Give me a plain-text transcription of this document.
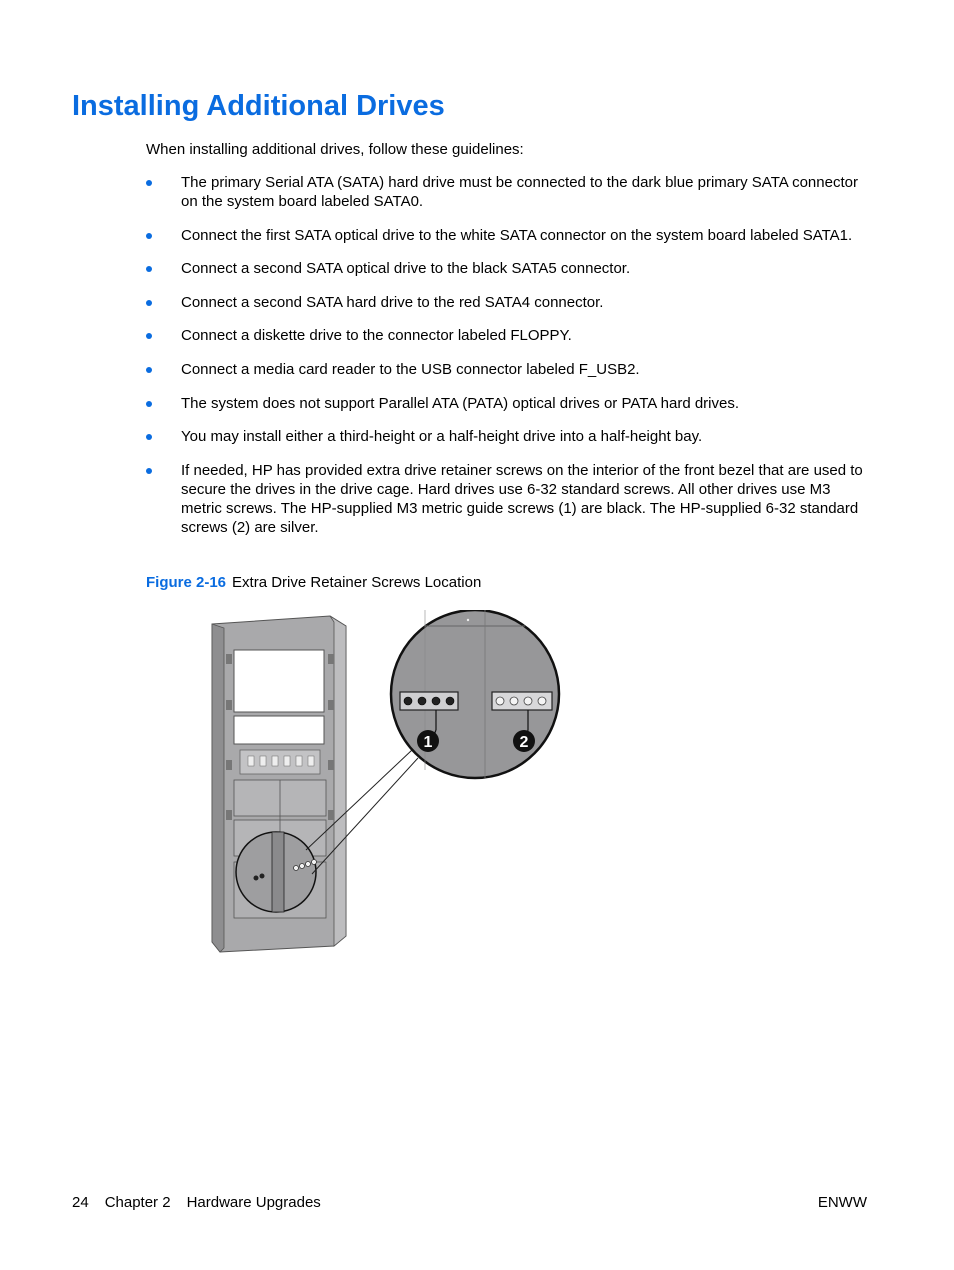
Installing Additional Drives

When installing additional drives, follow these guidelines:

The primary Serial ATA (SATA) hard drive must be connected to the dark blue primary SATA connector on the system board labeled SATA0.
Connect the first SATA optical drive to the white SATA connector on the system board labeled SATA1.
Connect a second SATA optical drive to the black SATA5 connector.
Connect a second SATA hard drive to the red SATA4 connector.
Connect a diskette drive to the connector labeled FLOPPY.
Connect a media card reader to the USB connector labeled F_USB2.
The system does not support Parallel ATA (PATA) optical drives or PATA hard drives.
You may install either a third-height or a half-height drive into a half-height bay.
If needed, HP has provided extra drive retainer screws on the interior of the front bezel that are used to secure the drives in the drive cage. Hard drives use 6-32 standard screws. All other drives use M3 metric screws. The HP-supplied M3 metric guide screws (1) are black. The HP-supplied 6-32 standard screws (2) are silver.

Figure 2-16 Extra Drive Retainer Screws Location

1	2
24 Chapter 2 Hardware Upgrades	ENWW
